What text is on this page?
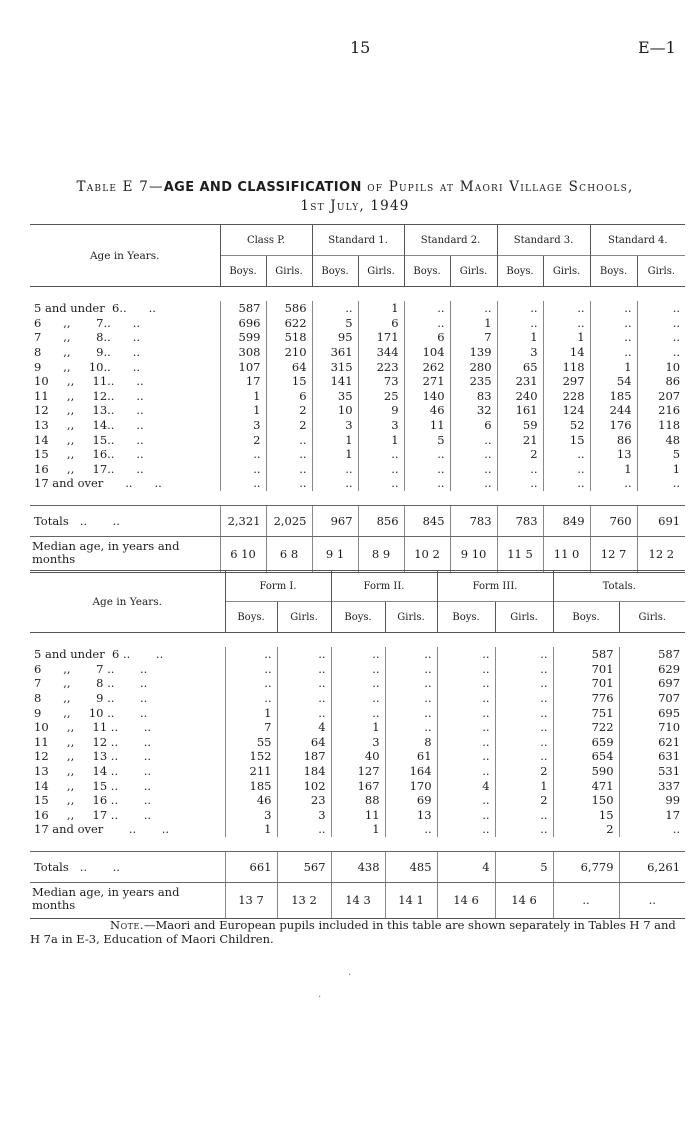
15	E—1
Table E 7—AGE AND CLASSIFICATION of Pupils at Maori Village Schools,
1st July, 1949
Age in Years.	Class P.		Standard 1.		Standard 2.		Standard 3.		Standard 4.	
	Boys.	Girls.	Boys.	Girls.	Boys.	Girls.	Boys.	Girls.	Boys.	Girls.

5 and under  6..      ..	587	586	..	1	..	..	..	..	..	..
6      ,,       7..      ..	696	622	5	6	..	1	..	..	..	..
7      ,,       8..      ..	599	518	95	171	6	7	1	1	..	..
8      ,,       9..      ..	308	210	361	344	104	139	3	14	..	..
9      ,,     10..      ..	107	64	315	223	262	280	65	118	1	10
10     ,,     11..      ..	17	15	141	73	271	235	231	297	54	86
11     ,,     12..      ..	1	6	35	25	140	83	240	228	185	207
12     ,,     13..      ..	1	2	10	9	46	32	161	124	244	216
13     ,,     14..      ..	3	2	3	3	11	6	59	52	176	118
14     ,,     15..      ..	2	..	1	1	5	..	21	15	86	48
15     ,,     16..      ..	..	..	1	..	..	..	2	..	13	5
16     ,,     17..      ..	..	..	..	..	..	..	..	..	1	1
17 and over      ..      ..	..	..	..	..	..	..	..	..	..	..

Totals   ..       ..	2,321	2,025	967	856	845	783	783	849	760	691
Median age, in years and months	6 10	6 8	9 1	8 9	10 2	9 10	11 5	11 0	12 7	12 2
Age in Years.	Form I.		Form II.		Form III.		Totals.	
	Boys.	Girls.	Boys.	Girls.	Boys.	Girls.	Boys.	Girls.

5 and under  6 ..       ..	..	..	..	..	..	..	587	587
6      ,,       7 ..       ..	..	..	..	..	..	..	701	629
7      ,,       8 ..       ..	..	..	..	..	..	..	701	697
8      ,,       9 ..       ..	..	..	..	..	..	..	776	707
9      ,,     10 ..       ..	1	..	..	..	..	..	751	695
10     ,,     11 ..       ..	7	4	1	..	..	..	722	710
11     ,,     12 ..       ..	55	64	3	8	..	..	659	621
12     ,,     13 ..       ..	152	187	40	61	..	..	654	631
13     ,,     14 ..       ..	211	184	127	164	..	2	590	531
14     ,,     15 ..       ..	185	102	167	170	4	1	471	337
15     ,,     16 ..       ..	46	23	88	69	..	2	150	99
16     ,,     17 ..       ..	3	3	11	13	..	..	15	17
17 and over       ..       ..	1	..	1	..	..	..	2	..

Totals   ..       ..	661	567	438	485	4	5	6,779	6,261
Median age, in years and months	13 7	13 2	14 3	14 1	14 6	14 6	..	..
Note.—Maori and European pupils included in this table are shown separately in Tables H 7 and H 7a in E-3, Education of Maori Children.
·
·
